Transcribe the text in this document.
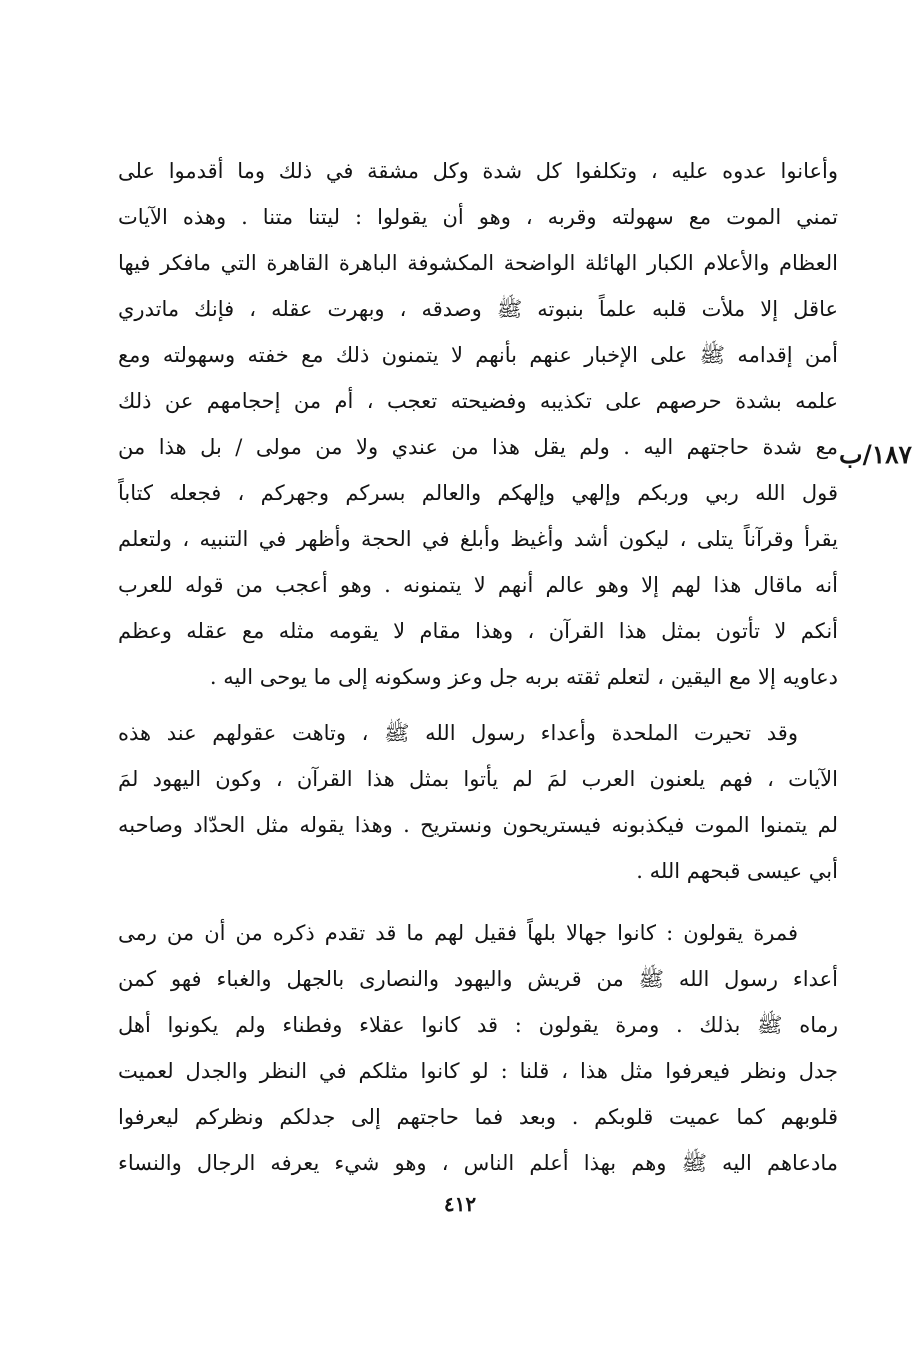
١٨٧/ب
وأعانوا عدوه عليه ، وتكلفوا كل شدة وكل مشقة في ذلك وما أقدموا على
تمني الموت مع سهولته وقربه ، وهو أن يقولوا : ليتنا متنا . وهذه الآيات
العظام والأعلام الكبار الهائلة الواضحة المكشوفة الباهرة القاهرة التي مافكر فيها
عاقل إلا ملأت قلبه علماً بنبوته ﷺ وصدقه ، وبهرت عقله ، فإنك ماتدري
أمن إقدامه ﷺ على الإخبار عنهم بأنهم لا يتمنون ذلك مع خفته وسهولته ومع
علمه بشدة حرصهم على تكذيبه وفضيحته تعجب ، أم من إحجامهم عن ذلك
مع شدة حاجتهم اليه . ولم يقل هذا من عندي ولا من مولى / بل هذا من
قول الله ربي وربكم وإلهي وإلهكم والعالم بسركم وجهركم ، فجعله كتاباً
يقرأ وقرآناً يتلى ، ليكون أشد وأغيظ وأبلغ في الحجة وأظهر في التنبيه ، ولتعلم
أنه ماقال هذا لهم إلا وهو عالم أنهم لا يتمنونه . وهو أعجب من قوله للعرب
أنكم لا تأتون بمثل هذا القرآن ، وهذا مقام لا يقومه مثله مع عقله وعظم
دعاويه إلا مع اليقين ، لتعلم ثقته بربه جل وعز وسكونه إلى ما يوحى اليه .
وقد تحيرت الملحدة وأعداء رسول الله ﷺ ، وتاهت عقولهم عند هذه
الآيات ، فهم يلعنون العرب لمَ لم يأتوا بمثل هذا القرآن ، وكون اليهود لمَ
لم يتمنوا الموت فيكذبونه فيستريحون ونستريح . وهذا يقوله مثل الحدّاد وصاحبه
أبي عيسى قبحهم الله .
فمرة يقولون : كانوا جهالا بلهاً فقيل لهم ما قد تقدم ذكره من أن من رمى
أعداء رسول الله ﷺ من قريش واليهود والنصارى بالجهل والغباء فهو كمن
رماه ﷺ بذلك . ومرة يقولون : قد كانوا عقلاء وفطناء ولم يكونوا أهل
جدل ونظر فيعرفوا مثل هذا ، قلنا : لو كانوا مثلكم في النظر والجدل لعميت
قلوبهم كما عميت قلوبكم . وبعد فما حاجتهم إلى جدلكم ونظركم ليعرفوا
مادعاهم اليه ﷺ وهم بهذا أعلم الناس ، وهو شيء يعرفه الرجال والنساء
٤١٢
